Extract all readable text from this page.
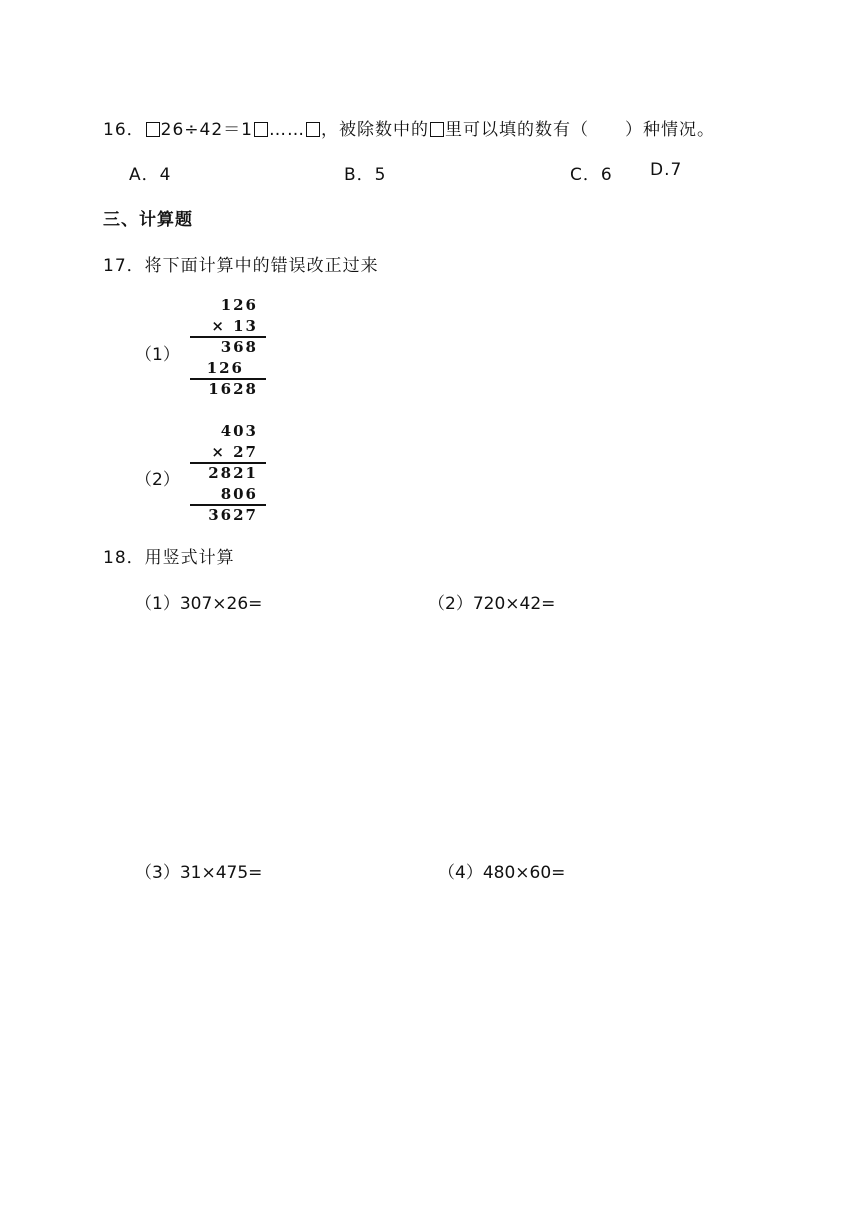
16． 26÷42＝1 …… ，被除数中的 里可以填的数有（　　）种情况。
A．4	B．5	C．6 D.7
三、计算题
17．将下面计算中的错误改正过来
（1）
126
× 13
368
126
1628
（2）
403
× 27
2821
806
3627
18．用竖式计算
（1）307×26=	（2）720×42=
（3）31×475=	（4）480×60=
